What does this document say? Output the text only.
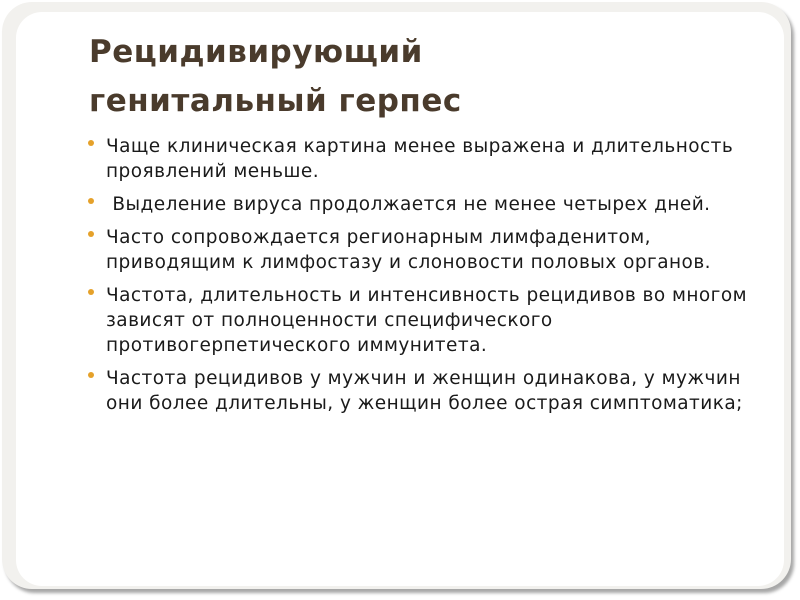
Рецидивирующий
генитальный герпес
Чаще клиническая картина менее выражена и длительность проявлений меньше.
Выделение вируса продолжается не менее четырех дней.
Часто сопровождается регионарным лимфаденитом, приводящим к лимфостазу и слоновости половых органов.
Частота, длительность и интенсивность рецидивов во многом зависят от полноценности специфического противогерпетического иммунитета.
Частота рецидивов у мужчин и женщин одинакова, у мужчин они более длительны, у женщин более острая симптоматика;
